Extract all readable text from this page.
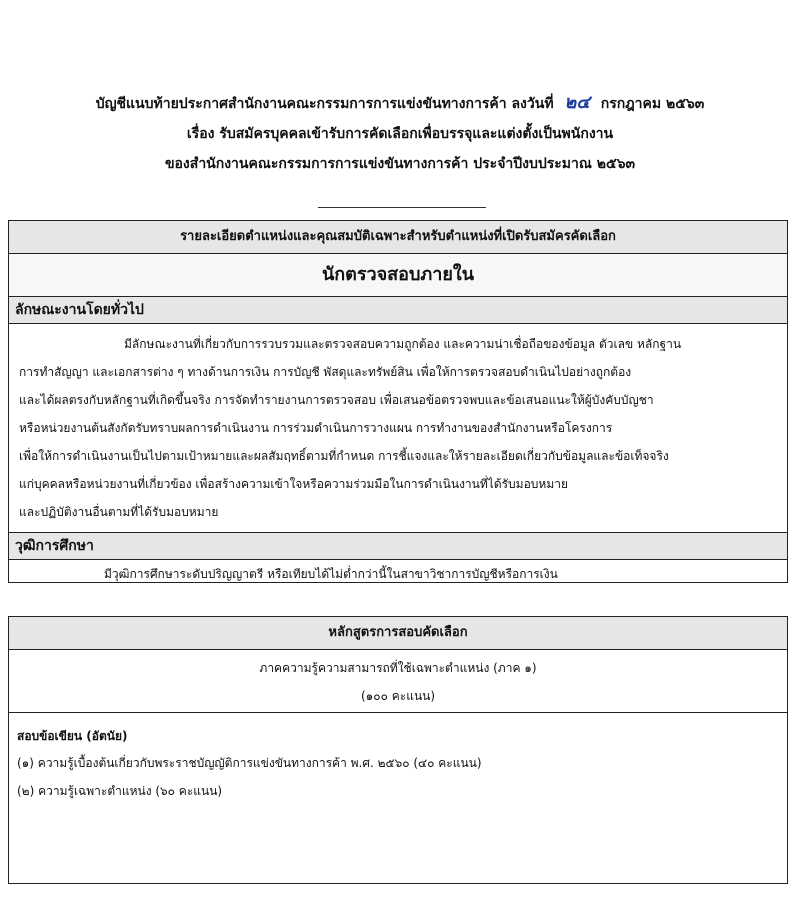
บัญชีแนบท้ายประกาศสำนักงานคณะกรรมการการแข่งขันทางการค้า ลงวันที่ ๒๔ กรกฎาคม ๒๕๖๓
เรื่อง รับสมัครบุคคลเข้ารับการคัดเลือกเพื่อบรรจุและแต่งตั้งเป็นพนักงาน
ของสำนักงานคณะกรรมการการแข่งขันทางการค้า ประจำปีงบประมาณ ๒๕๖๓
รายละเอียดตำแหน่งและคุณสมบัติเฉพาะสำหรับตำแหน่งที่เปิดรับสมัครคัดเลือก
นักตรวจสอบภายใน
ลักษณะงานโดยทั่วไป
มีลักษณะงานที่เกี่ยวกับการรวบรวมและตรวจสอบความถูกต้อง และความน่าเชื่อถือของข้อมูล ตัวเลข หลักฐาน
การทำสัญญา และเอกสารต่าง ๆ ทางด้านการเงิน การบัญชี พัสดุและทรัพย์สิน เพื่อให้การตรวจสอบดำเนินไปอย่างถูกต้อง
และได้ผลตรงกับหลักฐานที่เกิดขึ้นจริง การจัดทำรายงานการตรวจสอบ เพื่อเสนอข้อตรวจพบและข้อเสนอแนะให้ผู้บังคับบัญชา
หรือหน่วยงานต้นสังกัดรับทราบผลการดำเนินงาน การร่วมดำเนินการวางแผน การทำงานของสำนักงานหรือโครงการ
เพื่อให้การดำเนินงานเป็นไปตามเป้าหมายและผลสัมฤทธิ์ตามที่กำหนด การชี้แจงและให้รายละเอียดเกี่ยวกับข้อมูลและข้อเท็จจริง
แก่บุคคลหรือหน่วยงานที่เกี่ยวข้อง เพื่อสร้างความเข้าใจหรือความร่วมมือในการดำเนินงานที่ได้รับมอบหมาย
และปฏิบัติงานอื่นตามที่ได้รับมอบหมาย
วุฒิการศึกษา
มีวุฒิการศึกษาระดับปริญญาตรี หรือเทียบได้ไม่ต่ำกว่านี้ในสาขาวิชาการบัญชีหรือการเงิน
หลักสูตรการสอบคัดเลือก
ภาคความรู้ความสามารถที่ใช้เฉพาะตำแหน่ง (ภาค ๑)
(๑๐๐ คะแนน)
สอบข้อเขียน (อัตนัย)
(๑) ความรู้เบื้องต้นเกี่ยวกับพระราชบัญญัติการแข่งขันทางการค้า พ.ศ. ๒๕๖๐ (๔๐ คะแนน)
(๒) ความรู้เฉพาะตำแหน่ง (๖๐ คะแนน)
